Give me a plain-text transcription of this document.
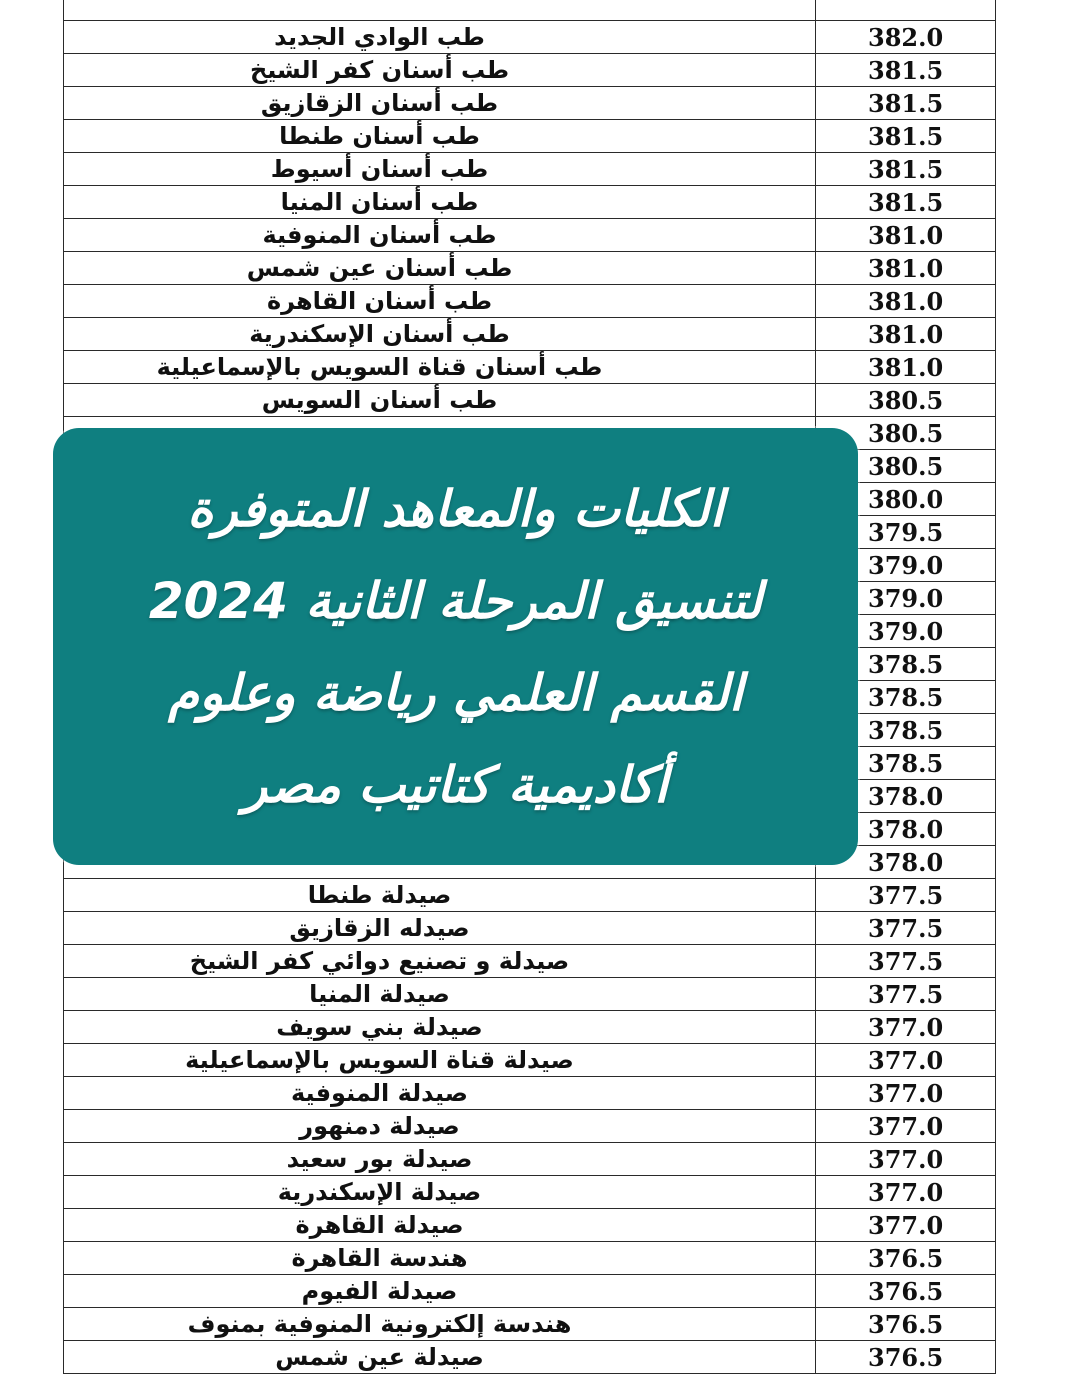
طب الوادي الجديد	382.0
طب أسنان كفر الشيخ	381.5
طب أسنان الزقازيق	381.5
طب أسنان طنطا	381.5
طب أسنان أسيوط	381.5
طب أسنان المنيا	381.5
طب أسنان المنوفية	381.0
طب أسنان عين شمس	381.0
طب أسنان القاهرة	381.0
طب أسنان الإسكندرية	381.0
طب أسنان قناة السويس بالإسماعيلية	381.0
طب أسنان السويس	380.5
	380.5
	380.5
	380.0
	379.5
	379.0
	379.0
	379.0
	378.5
	378.5
	378.5
	378.5
	378.0
	378.0
	378.0
صيدلة طنطا	377.5
صيدله الزقازيق	377.5
صيدلة و تصنيع دوائي كفر الشيخ	377.5
صيدلة المنيا	377.5
صيدلة بني سويف	377.0
صيدلة قناة السويس بالإسماعيلية	377.0
صيدلة المنوفية	377.0
صيدلة دمنهور	377.0
صيدلة بور سعيد	377.0
صيدلة الإسكندرية	377.0
صيدلة القاهرة	377.0
هندسة القاهرة	376.5
صيدلة الفيوم	376.5
هندسة إلكترونية المنوفية بمنوف	376.5
صيدلة عين شمس	376.5
الكليات والمعاهد المتوفرة
لتنسيق المرحلة الثانية 2024
القسم العلمي رياضة وعلوم
أكاديمية كتاتيب مصر
